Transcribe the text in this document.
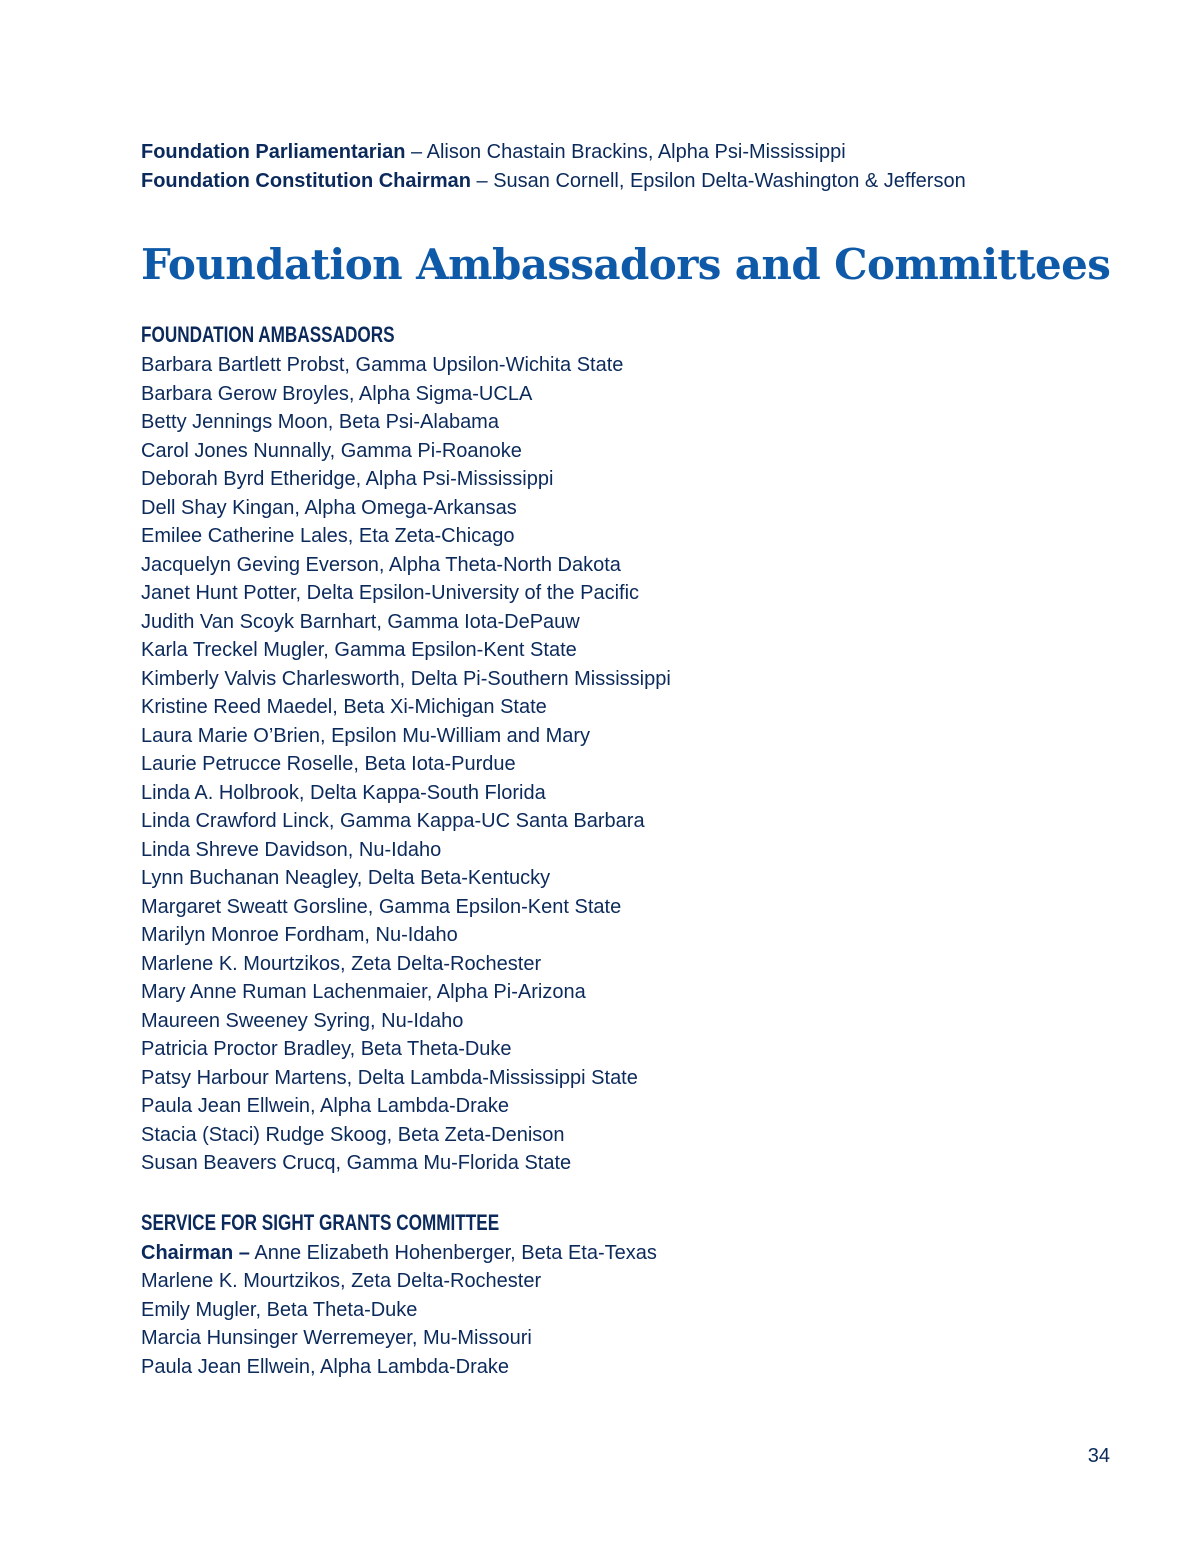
Foundation Parliamentarian – Alison Chastain Brackins, Alpha Psi-Mississippi

Foundation Constitution Chairman – Susan Cornell, Epsilon Delta-Washington & Jefferson

Foundation Ambassadors and Committees
FOUNDATION AMBASSADORS
Barbara Bartlett Probst, Gamma Upsilon-Wichita State
Barbara Gerow Broyles, Alpha Sigma-UCLA
Betty Jennings Moon, Beta Psi-Alabama
Carol Jones Nunnally, Gamma Pi-Roanoke
Deborah Byrd Etheridge, Alpha Psi-Mississippi
Dell Shay Kingan, Alpha Omega-Arkansas
Emilee Catherine Lales, Eta Zeta-Chicago
Jacquelyn Geving Everson, Alpha Theta-North Dakota
Janet Hunt Potter, Delta Epsilon-University of the Pacific
Judith Van Scoyk Barnhart, Gamma Iota-DePauw
Karla Treckel Mugler, Gamma Epsilon-Kent State
Kimberly Valvis Charlesworth, Delta Pi-Southern Mississippi
Kristine Reed Maedel, Beta Xi-Michigan State
Laura Marie O’Brien, Epsilon Mu-William and Mary
Laurie Petrucce Roselle, Beta Iota-Purdue
Linda A. Holbrook, Delta Kappa-South Florida
Linda Crawford Linck, Gamma Kappa-UC Santa Barbara
Linda Shreve Davidson, Nu-Idaho
Lynn Buchanan Neagley, Delta Beta-Kentucky
Margaret Sweatt Gorsline, Gamma Epsilon-Kent State
Marilyn Monroe Fordham, Nu-Idaho
Marlene K. Mourtzikos, Zeta Delta-Rochester
Mary Anne Ruman Lachenmaier, Alpha Pi-Arizona
Maureen Sweeney Syring, Nu-Idaho
Patricia Proctor Bradley, Beta Theta-Duke
Patsy Harbour Martens, Delta Lambda-Mississippi State
Paula Jean Ellwein, Alpha Lambda-Drake
Stacia (Staci) Rudge Skoog, Beta Zeta-Denison
Susan Beavers Crucq, Gamma Mu-Florida State
SERVICE FOR SIGHT GRANTS COMMITTEE
Chairman – Anne Elizabeth Hohenberger, Beta Eta-Texas
Marlene K. Mourtzikos, Zeta Delta-Rochester
Emily Mugler, Beta Theta-Duke
Marcia Hunsinger Werremeyer, Mu-Missouri
Paula Jean Ellwein, Alpha Lambda-Drake
34
